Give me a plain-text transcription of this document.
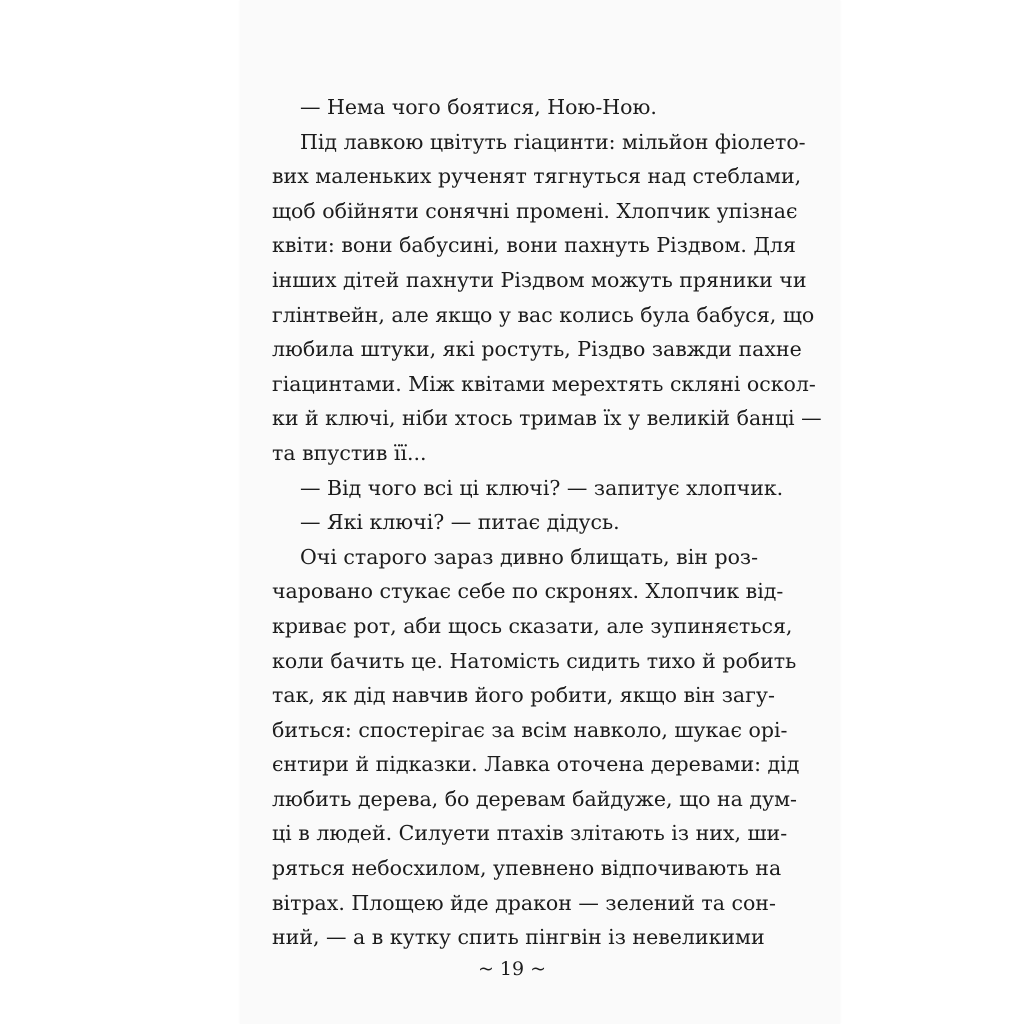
— Нема чого боятися, Ною-Ною.
Під лавкою цвітуть гіацинти: мільйон фіолето-
вих маленьких рученят тягнуться над стеблами,
щоб обійняти сонячні промені. Хлопчик упізнає
квіти: вони бабусині, вони пахнуть Різдвом. Для
інших дітей пахнути Різдвом можуть пряники чи
глінтвейн, але якщо у вас колись була бабуся, що
любила штуки, які ростуть, Різдво завжди пахне
гіацинтами. Між квітами мерехтять скляні оскол-
ки й ключі, ніби хтось тримав їх у великій банці —
та впустив її...
— Від чого всі ці ключі? — запитує хлопчик.
— Які ключі? — питає дідусь.
Очі старого зараз дивно блищать, він роз-
чаровано стукає себе по скронях. Хлопчик від-
криває рот, аби щось сказати, але зупиняється,
коли бачить це. Натомість сидить тихо й робить
так, як дід навчив його робити, якщо він загу-
биться: спостерігає за всім навколо, шукає орі-
єнтири й підказки. Лавка оточена деревами: дід
любить дерева, бо деревам байдуже, що на дум-
ці в людей. Силуети птахів злітають із них, ши-
ряться небосхилом, упевнено відпочивають на
вітрах. Площею йде дракон — зелений та сон-
ний, — а в кутку спить пінгвін із невеликими
~ 19 ~
